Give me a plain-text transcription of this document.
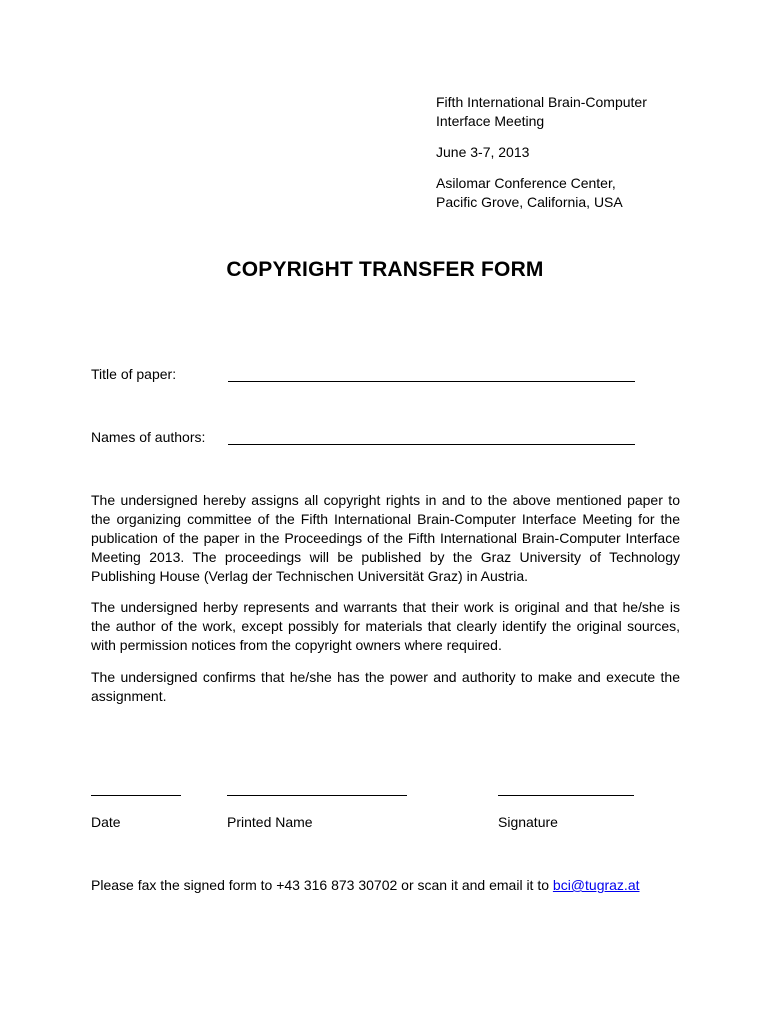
Fifth International Brain-Computer
Interface Meeting

June 3-7, 2013

Asilomar Conference Center,
Pacific Grove, California, USA

COPYRIGHT TRANSFER FORM
Title of paper:
Names of authors:

The undersigned hereby assigns all copyright rights in and to the above mentioned paper to the organizing committee of the Fifth International Brain-Computer Interface Meeting for the publication of the paper in the Proceedings of the Fifth International Brain-Computer Interface Meeting 2013. The proceedings will be published by the Graz University of Technology Publishing House (Verlag der Technischen Universität Graz) in Austria.

The undersigned herby represents and warrants that their work is original and that he/she is the author of the work, except possibly for materials that clearly identify the original sources, with permission notices from the copyright owners where required.

The undersigned confirms that he/she has the power and authority to make and execute the assignment.

Date	Printed Name	Signature
Please fax the signed form to +43 316 873 30702 or scan it and email it to bci@tugraz.at
